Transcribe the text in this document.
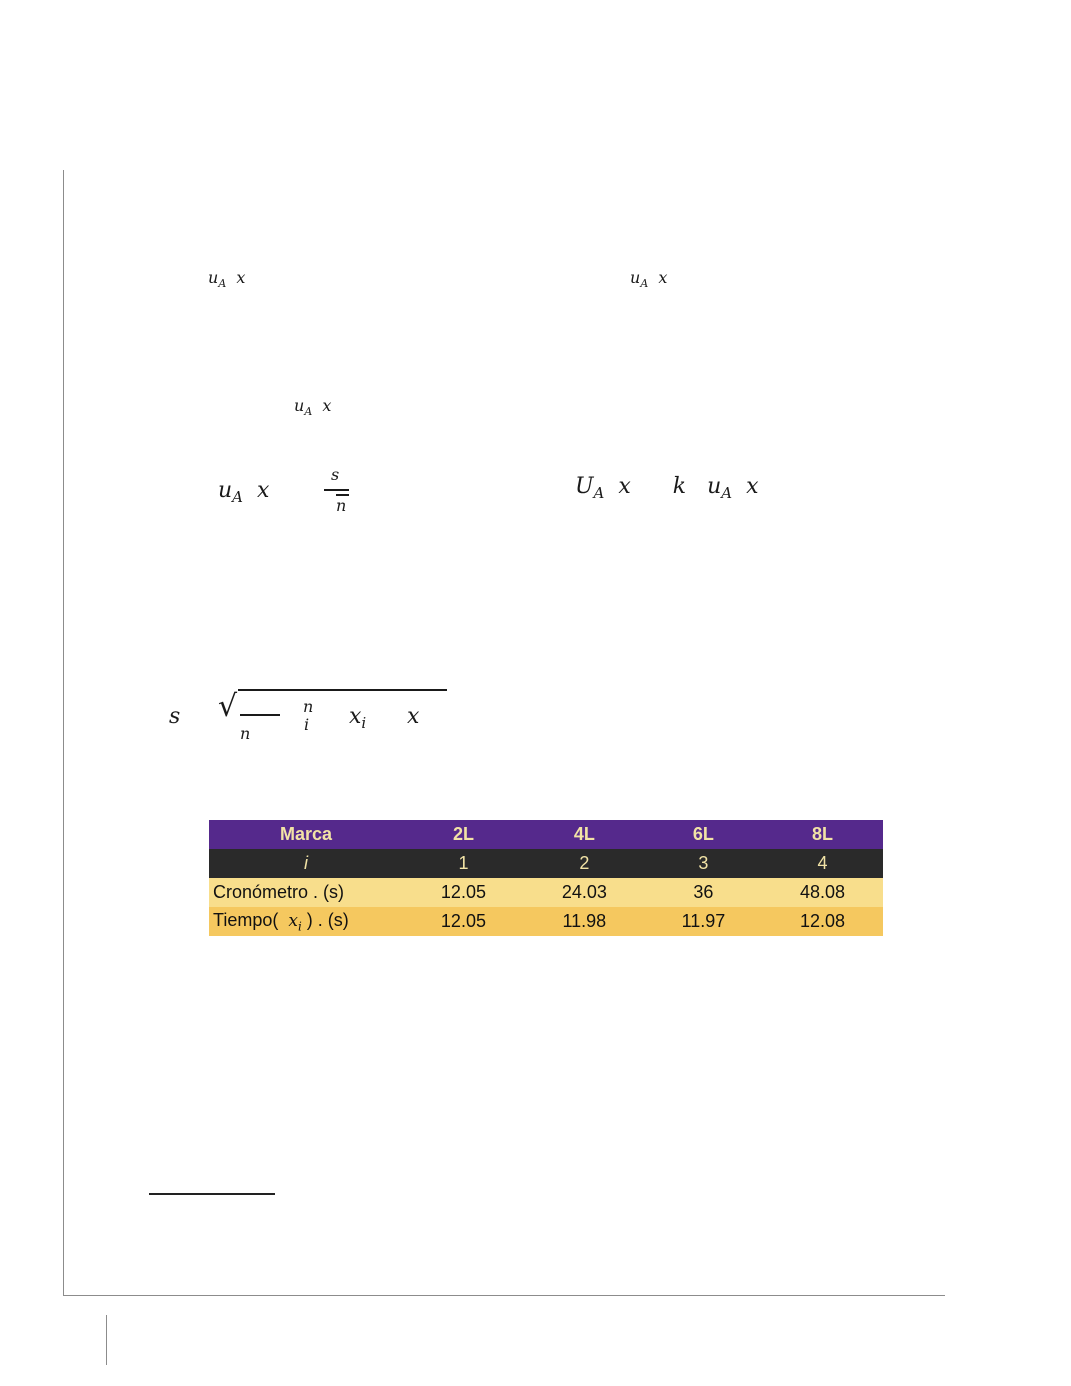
$u_A$ x	$u_A$ x
$u_A$ x
$u_A$ x
s
n
$U_A$ x k $u_A$ x
s √
n
n
i $x_i$ x
Marca	2L	4L	6L	8L
i	1	2	3	4
Cronómetro . (s)	12.05	24.03	36	48.08
Tiempo( $x_i$ ) . (s)	12.05	11.98	11.97	12.08
